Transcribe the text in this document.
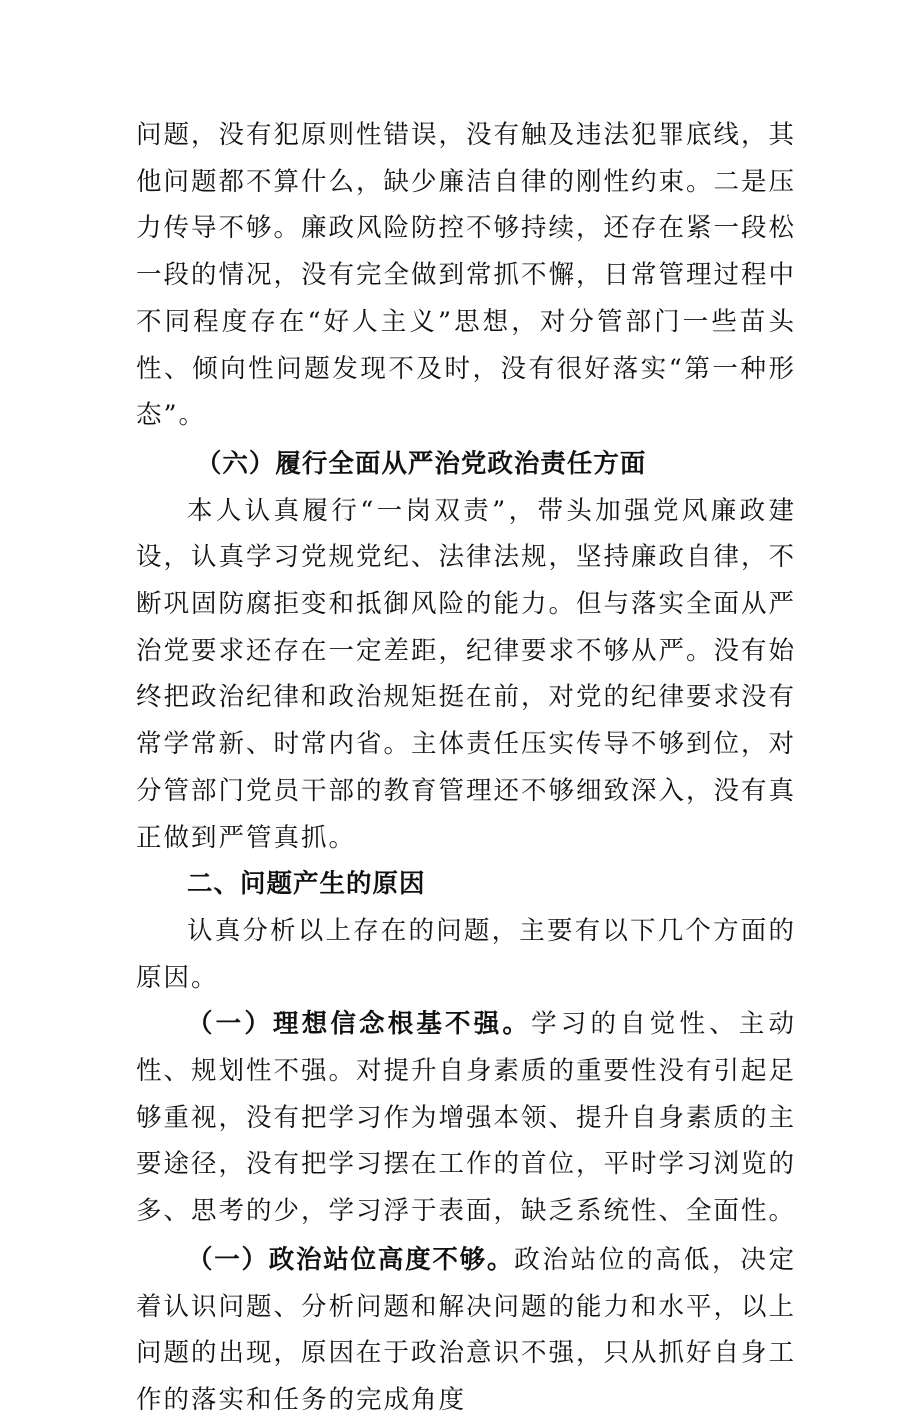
问题，没有犯原则性错误，没有触及违法犯罪底线，其他问题都不算什么，缺少廉洁自律的刚性约束。二是压力传导不够。廉政风险防控不够持续，还存在紧一段松一段的情况，没有完全做到常抓不懈，日常管理过程中不同程度存在“好人主义”思想，对分管部门一些苗头性、倾向性问题发现不及时，没有很好落实“第一种形态”。

（六）履行全面从严治党政治责任方面

本人认真履行“一岗双责”，带头加强党风廉政建设，认真学习党规党纪、法律法规，坚持廉政自律，不断巩固防腐拒变和抵御风险的能力。但与落实全面从严治党要求还存在一定差距，纪律要求不够从严。没有始终把政治纪律和政治规矩挺在前，对党的纪律要求没有常学常新、时常内省。主体责任压实传导不够到位，对分管部门党员干部的教育管理还不够细致深入，没有真正做到严管真抓。

二、问题产生的原因

认真分析以上存在的问题，主要有以下几个方面的原因。

（一）理想信念根基不强。学习的自觉性、主动性、规划性不强。对提升自身素质的重要性没有引起足够重视，没有把学习作为增强本领、提升自身素质的主要途径，没有把学习摆在工作的首位，平时学习浏览的多、思考的少，学习浮于表面，缺乏系统性、全面性。

（一）政治站位高度不够。政治站位的高低，决定着认识问题、分析问题和解决问题的能力和水平，以上问题的出现，原因在于政治意识不强，只从抓好自身工作的落实和任务的完成角度
